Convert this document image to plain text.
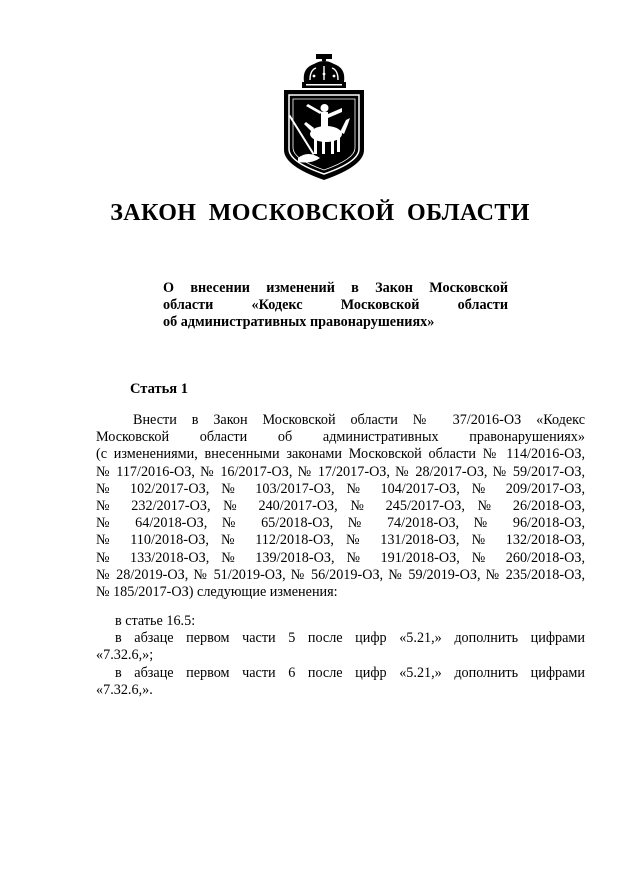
ЗАКОН МОСКОВСКОЙ ОБЛАСТИ
О внесении изменений в Закон Московской
области «Кодекс Московской области
об административных правонарушениях»
Статья 1
Внести в Закон Московской области № 37/2016-ОЗ «Кодекс
Московской области об административных правонарушениях»
(с изменениями, внесенными законами Московской области № 114/2016-ОЗ,
№ 117/2016-ОЗ, № 16/2017-ОЗ, № 17/2017-ОЗ, № 28/2017-ОЗ, № 59/2017-ОЗ,
№ 102/2017-ОЗ, № 103/2017-ОЗ, № 104/2017-ОЗ, № 209/2017-ОЗ,
№ 232/2017-ОЗ, № 240/2017-ОЗ, № 245/2017-ОЗ, № 26/2018-ОЗ,
№ 64/2018-ОЗ, № 65/2018-ОЗ, № 74/2018-ОЗ, № 96/2018-ОЗ,
№ 110/2018-ОЗ, № 112/2018-ОЗ, № 131/2018-ОЗ, № 132/2018-ОЗ,
№ 133/2018-ОЗ, № 139/2018-ОЗ, № 191/2018-ОЗ, № 260/2018-ОЗ,
№ 28/2019-ОЗ, № 51/2019-ОЗ, № 56/2019-ОЗ, № 59/2019-ОЗ, № 235/2018-ОЗ,
№ 185/2017-ОЗ) следующие изменения:
в статье 16.5:
в абзаце первом части 5 после цифр «5.21,» дополнить цифрами
«7.32.6,»;
в абзаце первом части 6 после цифр «5.21,» дополнить цифрами
«7.32.6,».
